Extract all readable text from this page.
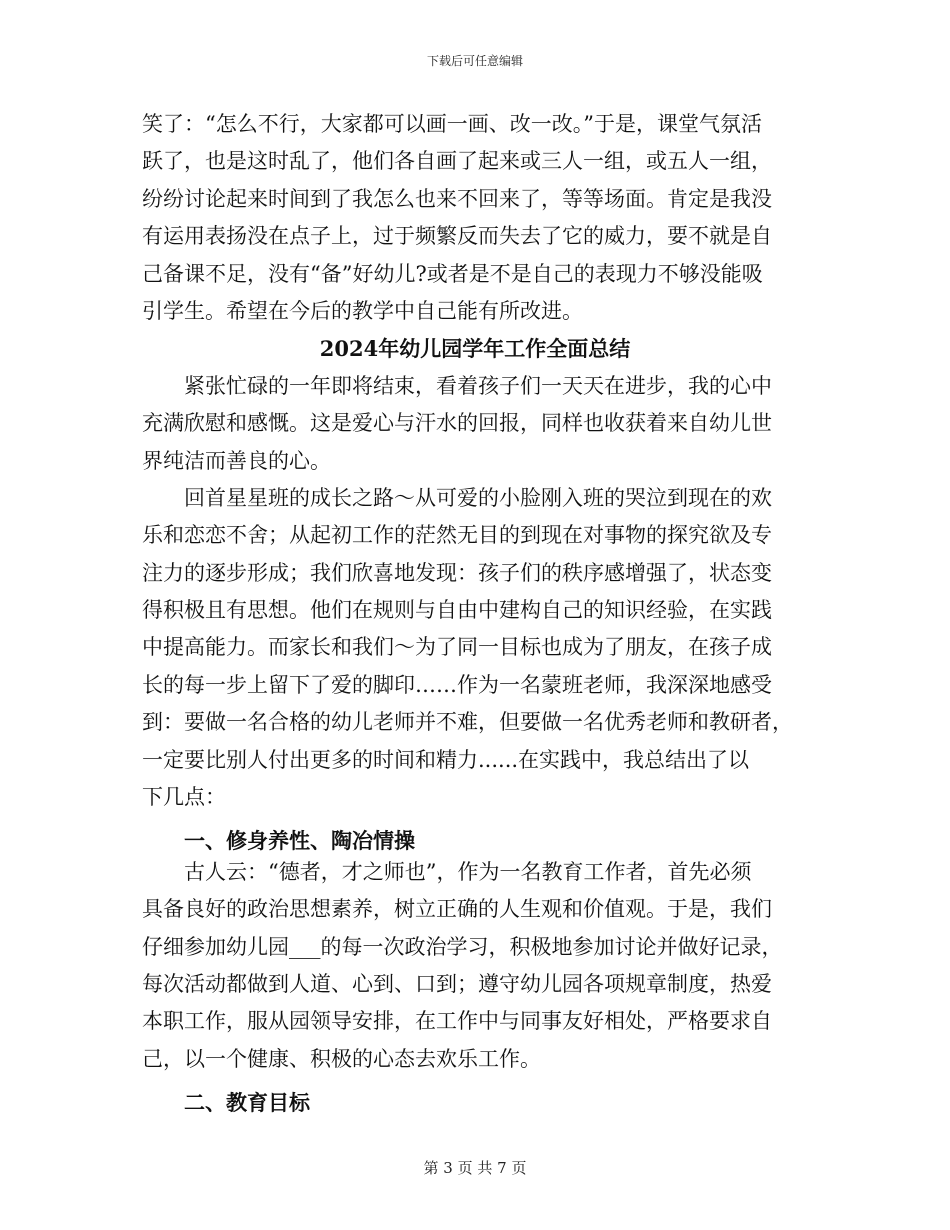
下载后可任意编辑
笑了：“怎么不行，大家都可以画一画、改一改。”于是，课堂气氛活
跃了，也是这时乱了，他们各自画了起来或三人一组，或五人一组，
纷纷讨论起来时间到了我怎么也来不回来了，等等场面。肯定是我没
有运用表扬没在点子上，过于频繁反而失去了它的威力，要不就是自
己备课不足，没有“备”好幼儿?或者是不是自己的表现力不够没能吸
引学生。希望在今后的教学中自己能有所改进。
2024年幼儿园学年工作全面总结
紧张忙碌的一年即将结束，看着孩子们一天天在进步，我的心中
充满欣慰和感慨。这是爱心与汗水的回报，同样也收获着来自幼儿世
界纯洁而善良的心。
回首星星班的成长之路～从可爱的小脸刚入班的哭泣到现在的欢
乐和恋恋不舍；从起初工作的茫然无目的到现在对事物的探究欲及专
注力的逐步形成；我们欣喜地发现：孩子们的秩序感增强了，状态变
得积极且有思想。他们在规则与自由中建构自己的知识经验，在实践
中提高能力。而家长和我们～为了同一目标也成为了朋友，在孩子成
长的每一步上留下了爱的脚印……作为一名蒙班老师，我深深地感受
到：要做一名合格的幼儿老师并不难，但要做一名优秀老师和教研者，
一定要比别人付出更多的时间和精力......在实践中，我总结出了以
下几点：
一、修身养性、陶冶情操
古人云：“德者，才之师也”，作为一名教育工作者，首先必须
具备良好的政治思想素养，树立正确的人生观和价值观。于是，我们
仔细参加幼儿园___的每一次政治学习，积极地参加讨论并做好记录，
每次活动都做到人道、心到、口到；遵守幼儿园各项规章制度，热爱
本职工作，服从园领导安排，在工作中与同事友好相处，严格要求自
己，以一个健康、积极的心态去欢乐工作。
二、教育目标
第 3 页 共 7 页
